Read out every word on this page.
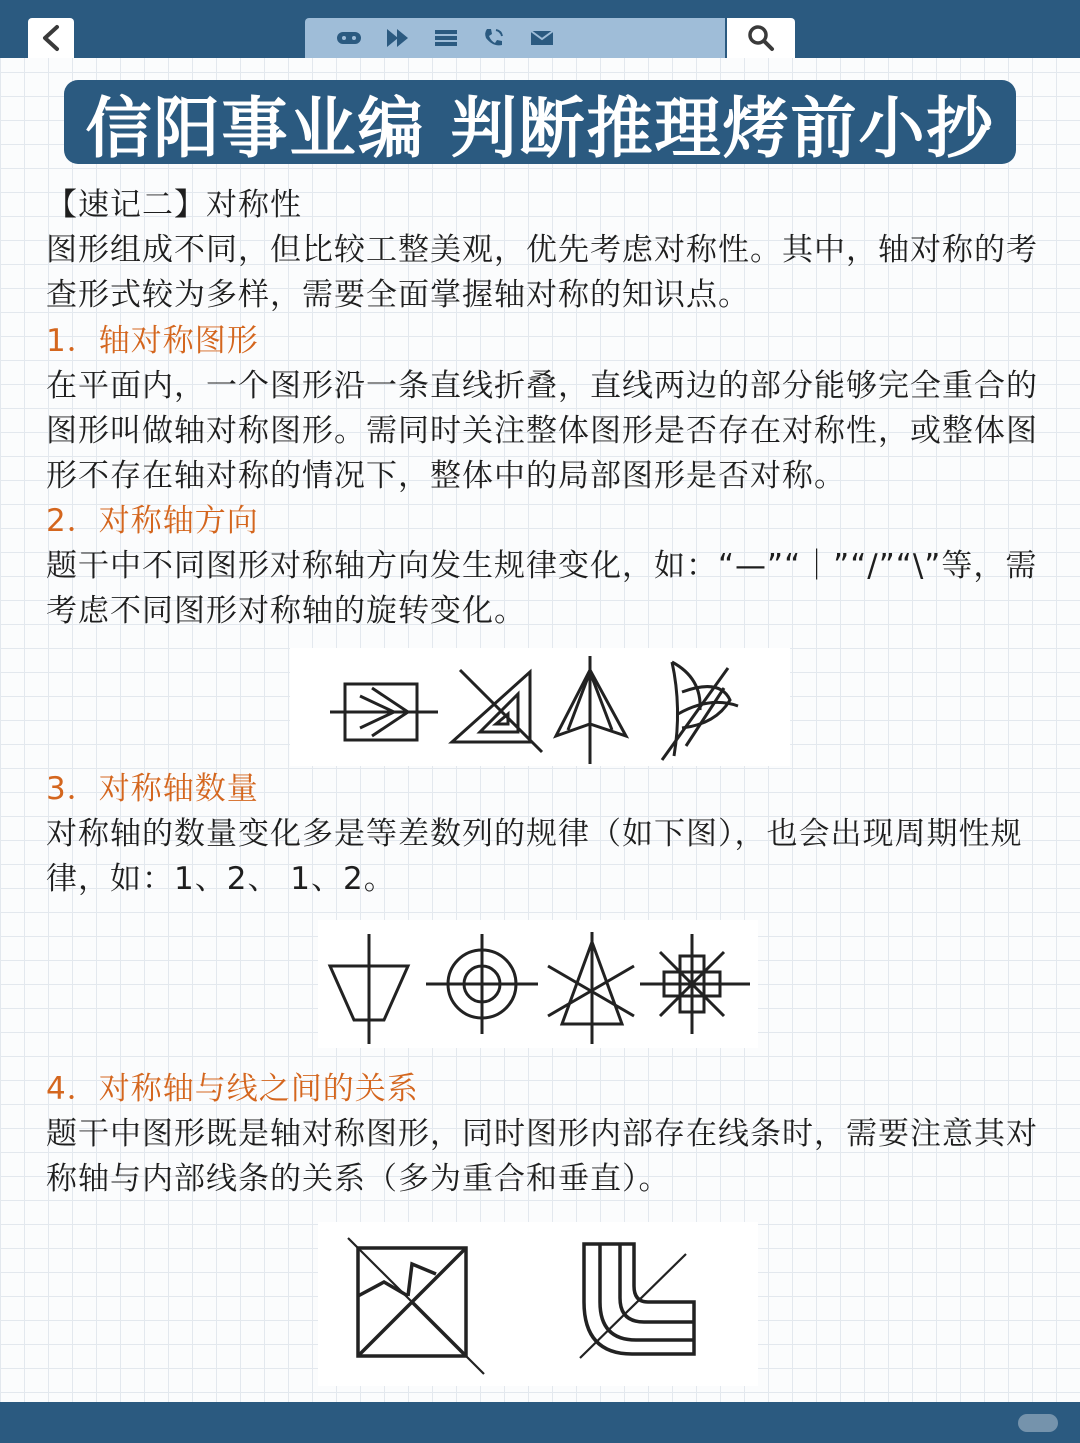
信阳事业编 判断推理烤前小抄

【速记二】对称性

图形组成不同，但比较工整美观，优先考虑对称性。其中，轴对称的考查形式较为多样，需要全面掌握轴对称的知识点。

1．轴对称图形

在平面内，一个图形沿一条直线折叠，直线两边的部分能够完全重合的图形叫做轴对称图形。需同时关注整体图形是否存在对称性，或整体图形不存在轴对称的情况下，整体中的局部图形是否对称。

2．对称轴方向

题干中不同图形对称轴方向发生规律变化，如：“—”“｜”“/”“\”等，需考虑不同图形对称轴的旋转变化。

3．对称轴数量

对称轴的数量变化多是等差数列的规律（如下图），也会出现周期性规律，如：1、2、 1、2。

4．对称轴与线之间的关系

题干中图形既是轴对称图形，同时图形内部存在线条时，需要注意其对称轴与内部线条的关系（多为重合和垂直）。
